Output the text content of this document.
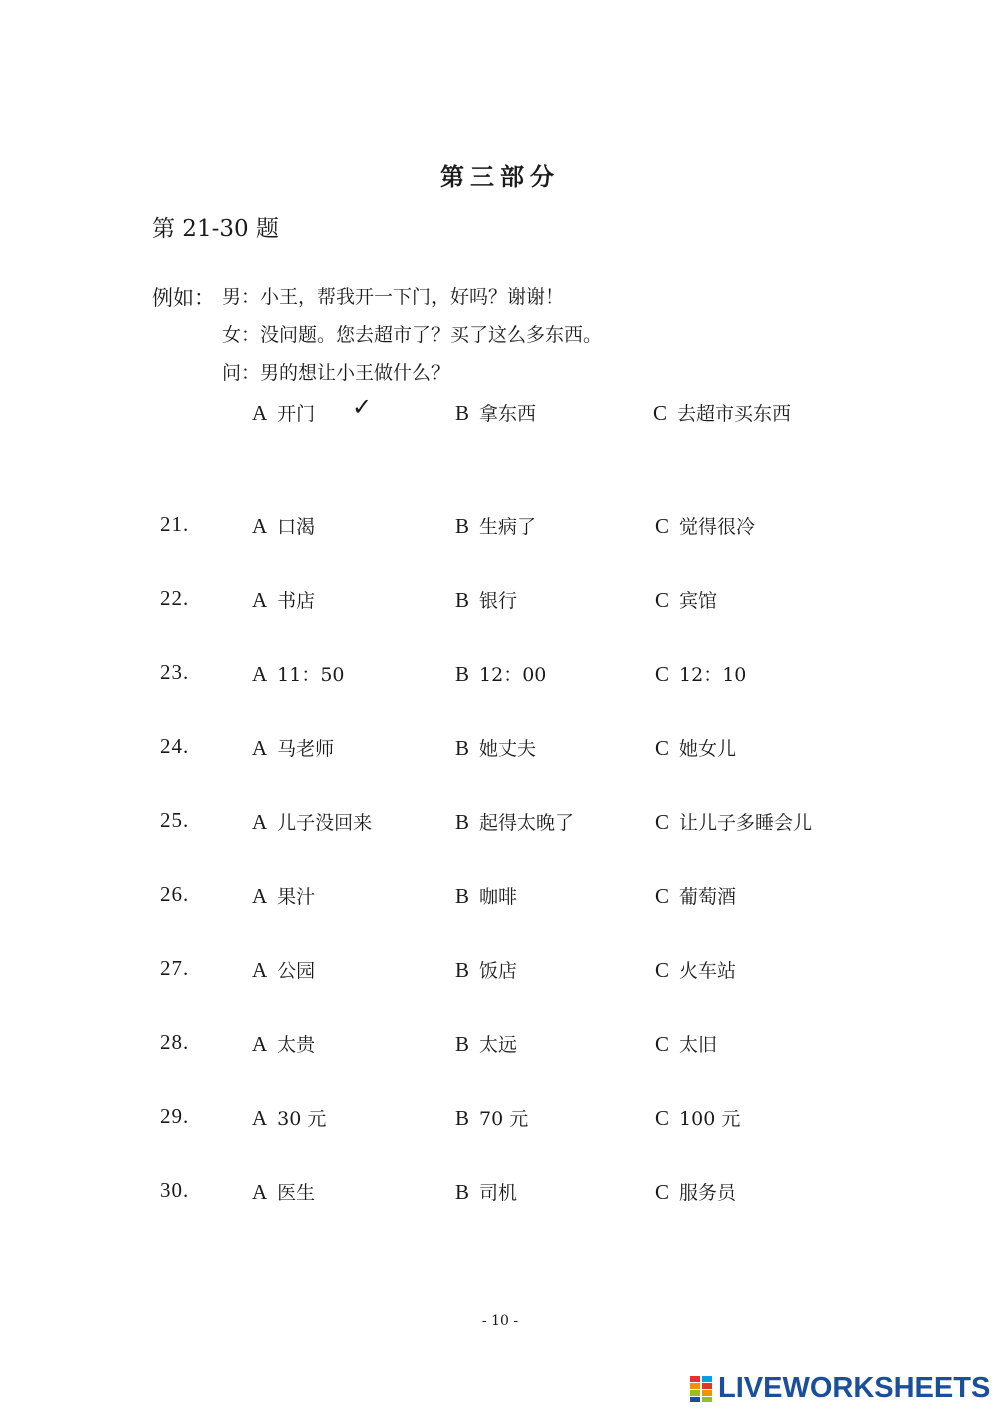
第三部分
第 21-30 题
例如： 男：小王，帮我开一下门，好吗？谢谢！
女：没问题。您去超市了？买了这么多东西。
问：男的想让小王做什么？
A 开门 ✓	B 拿东西	C 去超市买东西
21.	A 口渴	B 生病了	C 觉得很冷
22.	A 书店	B 银行	C 宾馆
23.	A 11：50	B 12：00	C 12：10
24.	A 马老师	B 她丈夫	C 她女儿
25.	A 儿子没回来	B 起得太晚了	C 让儿子多睡会儿
26.	A 果汁	B 咖啡	C 葡萄酒
27.	A 公园	B 饭店	C 火车站
28.	A 太贵	B 太远	C 太旧
29.	A 30 元	B 70 元	C 100 元
30.	A 医生	B 司机	C 服务员
- 10 -
LIVEWORKSHEETS
